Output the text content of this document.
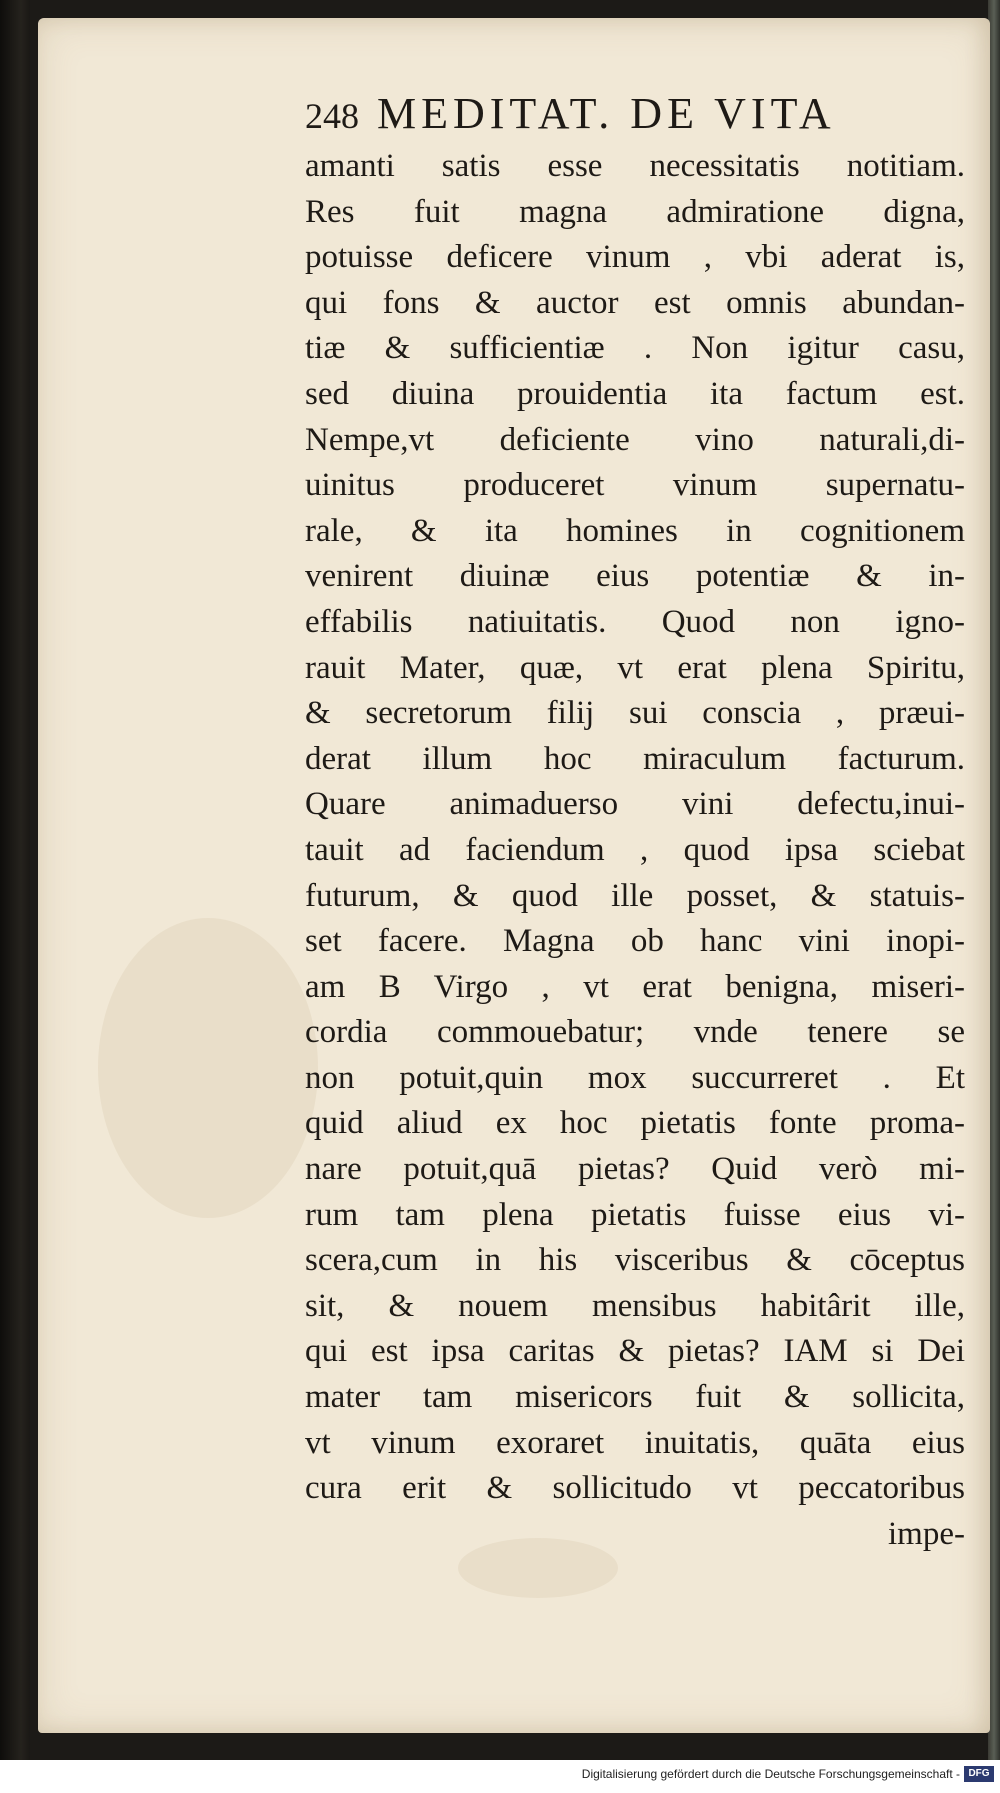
248 MEDITAT. DE VITA
amanti satis esse necessitatis notitiam.
Res fuit magna admiratione digna,
potuisse deficere vinum , vbi aderat is,
qui fons & auctor est omnis abundan-
tiæ & sufficientiæ . Non igitur casu,
sed diuina prouidentia ita factum est.
Nempe,vt deficiente vino naturali,di-
uinitus produceret vinum supernatu-
rale, & ita homines in cognitionem
venirent diuinæ eius potentiæ & in-
effabilis natiuitatis. Quod non igno-
rauit Mater, quæ, vt erat plena Spiritu,
& secretorum filij sui conscia , præui-
derat illum hoc miraculum facturum.
Quare animaduerso vini defectu,inui-
tauit ad faciendum , quod ipsa sciebat
futurum, & quod ille posset, & statuis-
set facere. Magna ob hanc vini inopi-
am B Virgo , vt erat benigna, miseri-
cordia commouebatur; vnde tenere se
non potuit,quin mox succurreret . Et
quid aliud ex hoc pietatis fonte proma-
nare potuit,quā pietas? Quid verò mi-
rum tam plena pietatis fuisse eius vi-
scera,cum in his visceribus & cōceptus
sit, & nouem mensibus habitârit ille,
qui est ipsa caritas & pietas? IAM si Dei
mater tam misericors fuit & sollicita,
vt vinum exoraret inuitatis, quāta eius
cura erit & sollicitudo vt peccatoribus
impe-
Digitalisierung gefördert durch die Deutsche Forschungsgemeinschaft - DFG
